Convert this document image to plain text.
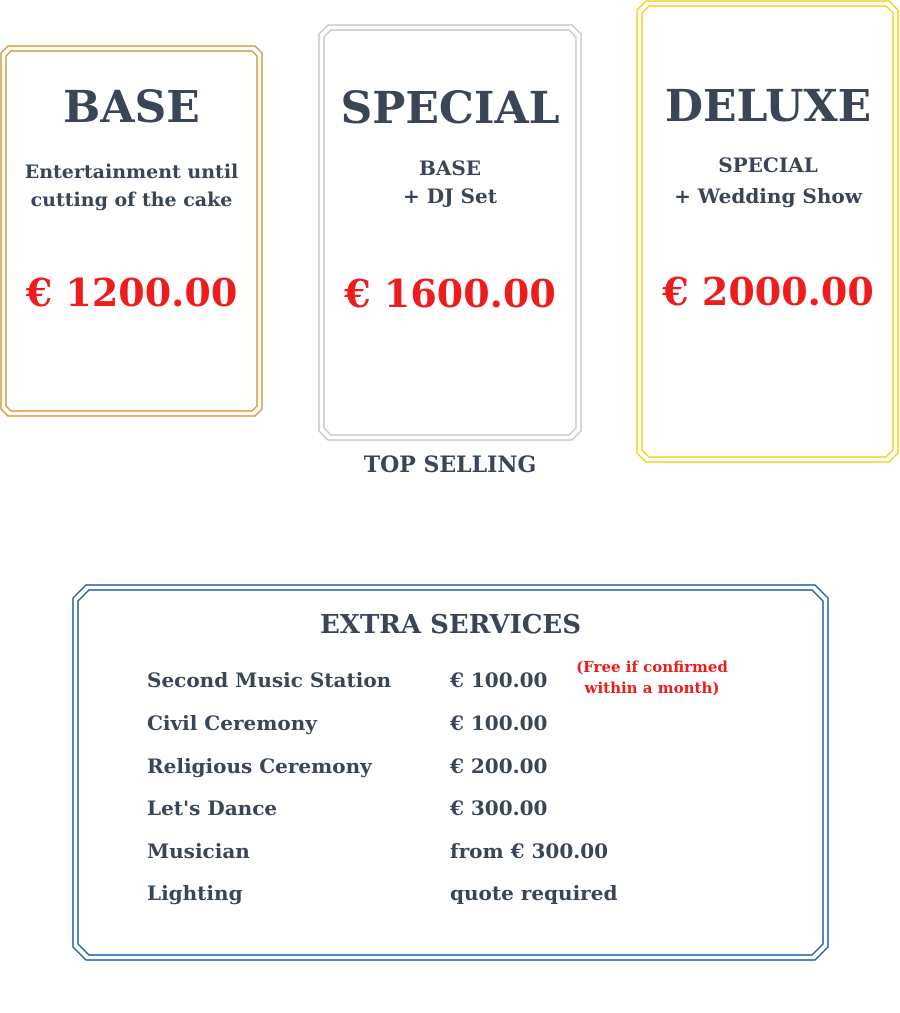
BASE
Entertainment until
cutting of the cake
€ 1200.00
SPECIAL
BASE
+ DJ Set
€ 1600.00
TOP SELLING
DELUXE
SPECIAL
+ Wedding Show
€ 2000.00
EXTRA SERVICES
Second Music Station	€ 100.00
(Free if confirmed
within a month)
Civil Ceremony	€ 100.00
Religious Ceremony	€ 200.00
Let's Dance	€ 300.00
Musician	from € 300.00
Lighting	quote required
